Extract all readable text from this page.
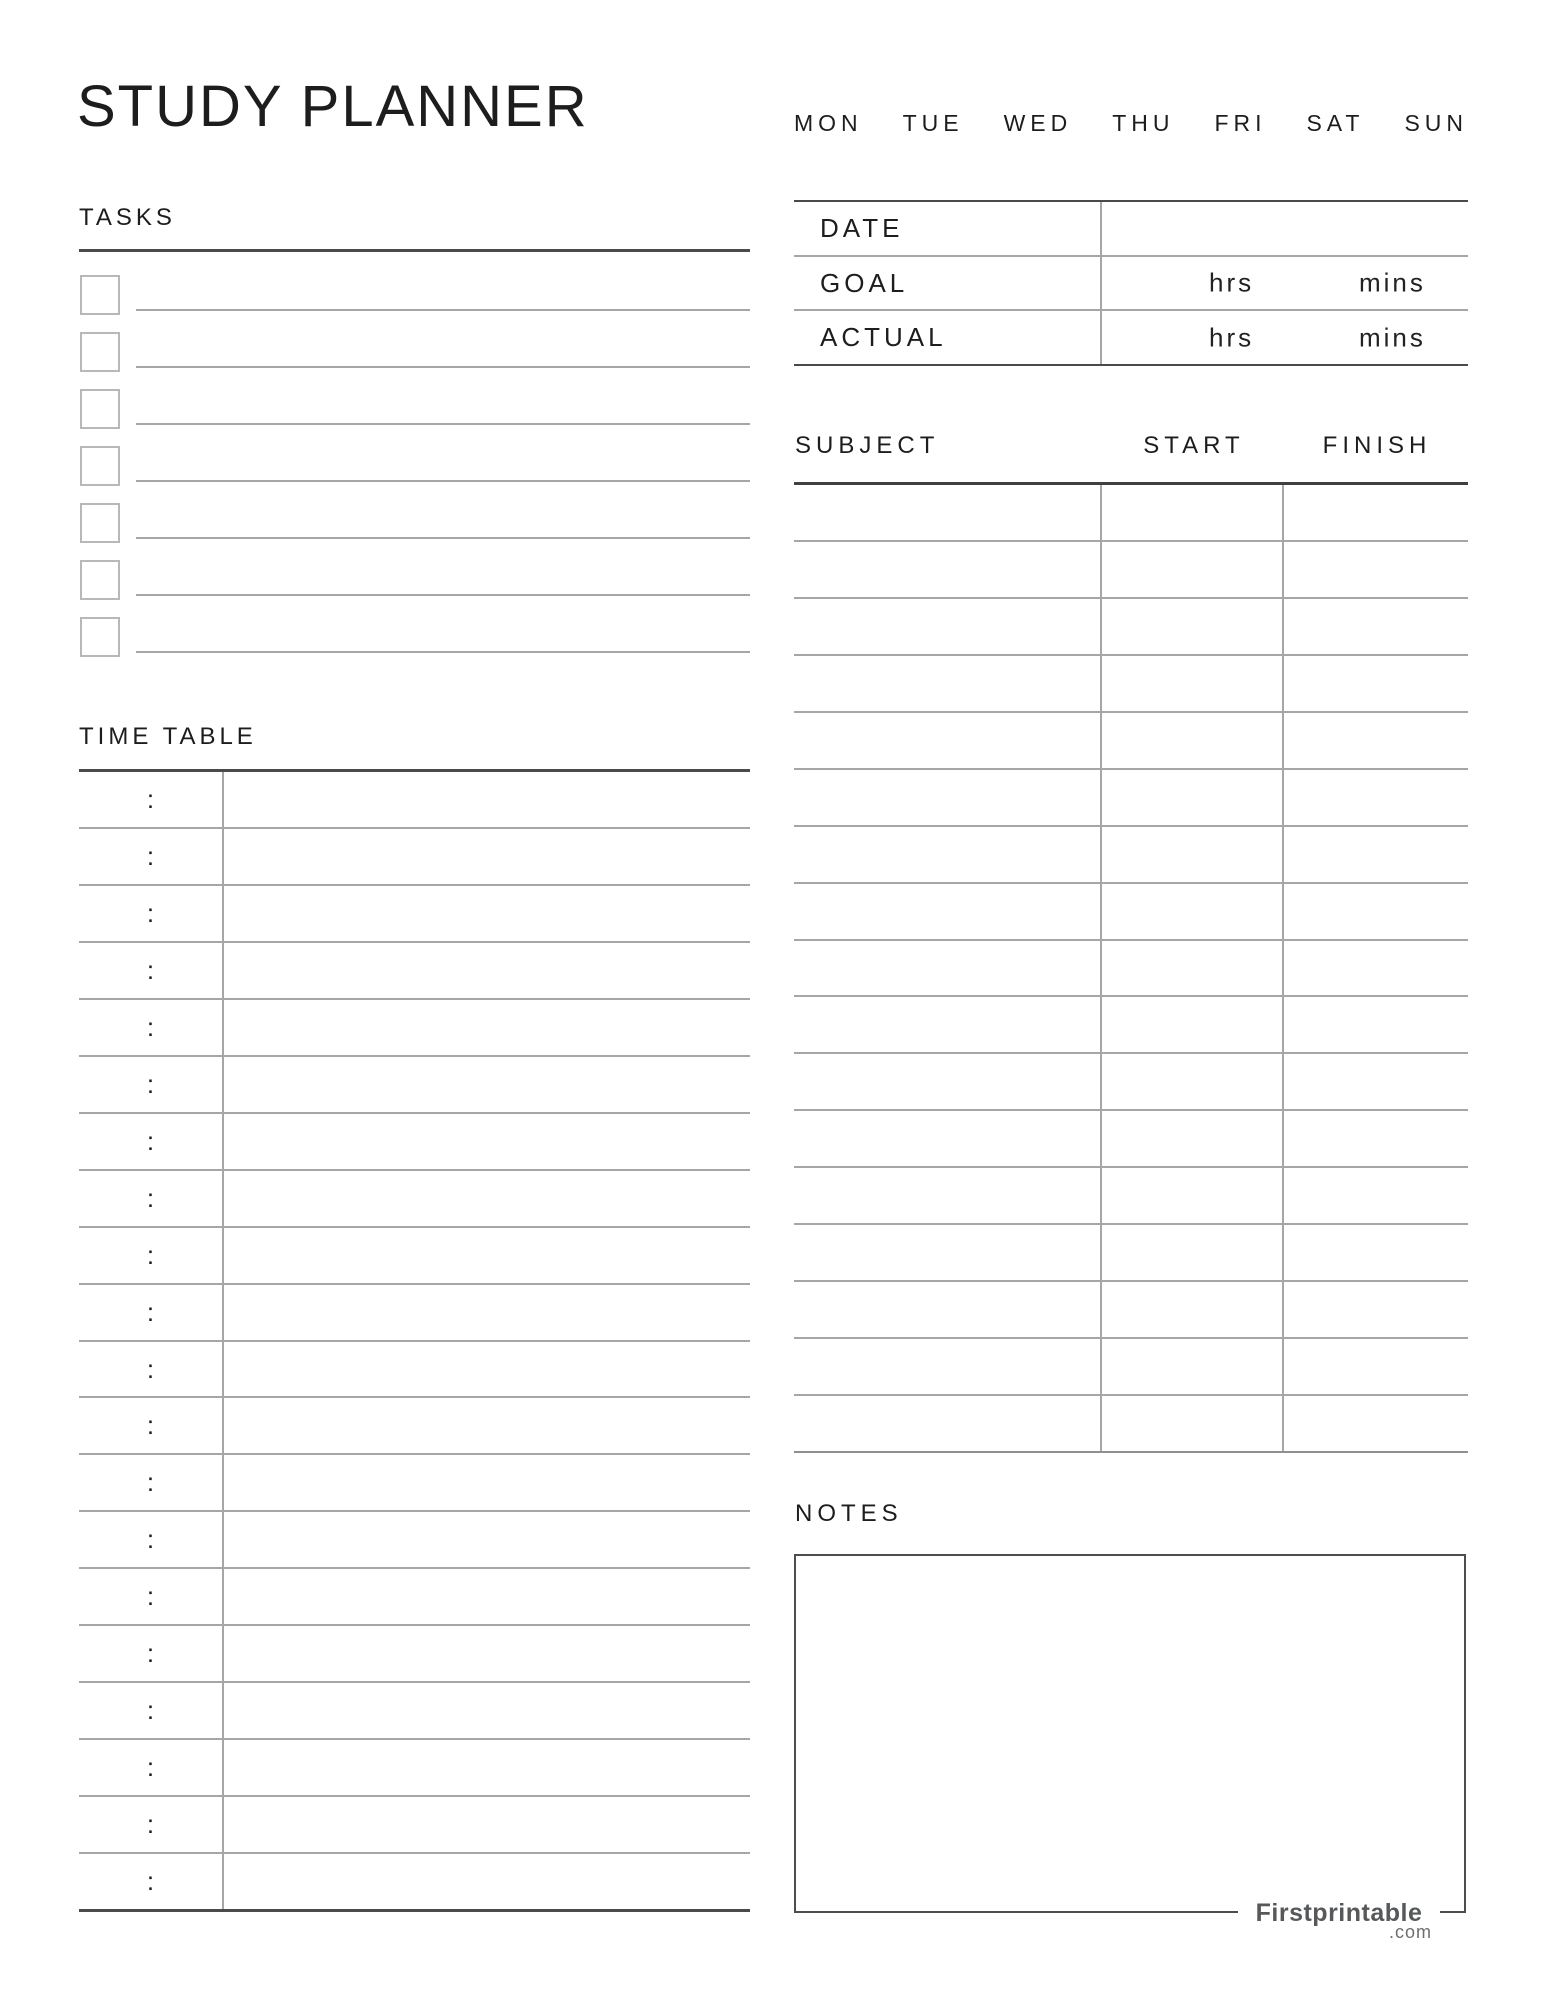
STUDY PLANNER	MON TUE WED THU FRI SAT SUN
TASKS
TIME TABLE
:
:
:
:
:
:
:
:
:
:
:
:
:
:
:
:
:
:
:
:
DATE
GOAL	hrs	mins
ACTUAL	hrs	mins
SUBJECT	START	FINISH
NOTES
Firstprintable
.com
